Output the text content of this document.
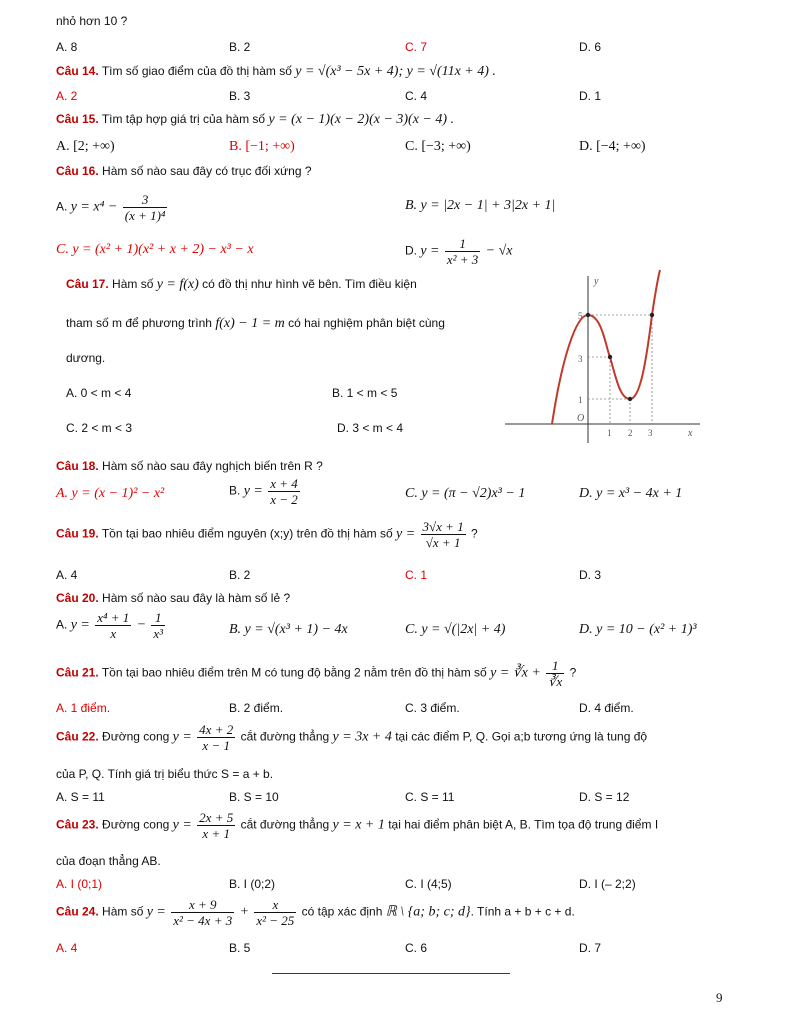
nhỏ hơn 10 ?
A. 8	B. 2	C. 7	D. 6
Câu 14. Tìm số giao điểm của đồ thị hàm số y = √(x³ − 5x + 4); y = √(11x + 4) .
A. 2	B. 3	C. 4	D. 1
Câu 15. Tìm tập hợp giá trị của hàm số y = (x − 1)(x − 2)(x − 3)(x − 4) .
A. [2; +∞)	B. [−1; +∞)	C. [−3; +∞)	D. [−4; +∞)
Câu 16. Hàm số nào sau đây có trục đối xứng ?
A. $y = x^4 - \frac{3}{\text{(x + 1)⁴}}$	B. y = |2x − 1| + 3|2x + 1|
C. y = (x² + 1)(x² + x + 2) − x³ − x	D. $y = \frac{1}{\text{x² + 3}} - √x$
Câu 17. Hàm số y = f(x) có đồ thị như hình vẽ bên. Tìm điều kiện
tham số m để phương trình f(x) − 1 = m có hai nghiệm phân biệt cùng
dương.
A. 0 < m < 4	B. 1 < m < 5
C. 2 < m < 3	D. 3 < m < 4
y
x
O
5
3
1
1 2 3
Câu 18. Hàm số nào sau đây nghịch biến trên R ?
A. y = (x − 1)² − x²	B. $y = \frac{x + 4}{x - 2}$	C. y = (π − √2)x³ − 1	D. y = x³ − 4x + 1
Câu 19. Tồn tại bao nhiêu điểm nguyên (x;y) trên đồ thị hàm số $y = \frac{3√x + 1}{√x + 1}$ ?
A. 4	B. 2	C. 1	D. 3
Câu 20. Hàm số nào sau đây là hàm số lẻ ?
A. $y = \frac{\text{x⁴ + 1}}{x} - \frac{1}{\text{x³}}$	B. y = √(x³ + 1) − 4x	C. y = √(|2x| + 4)	D. y = 10 − (x² + 1)³
Câu 21. Tồn tại bao nhiêu điểm trên M có tung độ bằng 2 nằm trên đồ thị hàm số y = ∛x + $\frac{1}{∛x}$ ?
A. 1 điểm.	B. 2 điểm.	C. 3 điểm.	D. 4 điểm.
Câu 22. Đường cong $y = \frac{4x + 2}{x - 1}$ cắt đường thẳng y = 3x + 4 tại các điểm P, Q. Gọi a;b tương ứng là tung độ
của P, Q. Tính giá trị biểu thức S = a + b.
A. S = 11	B. S = 10	C. S = 11	D. S = 12
Câu 23. Đường cong $y = \frac{2x + 5}{x + 1}$ cắt đường thẳng y = x + 1 tại hai điểm phân biệt A, B. Tìm tọa độ trung điểm I
của đoạn thẳng AB.
A. I (0;1)	B. I (0;2)	C. I (4;5)	D. I (– 2;2)
Câu 24. Hàm số $y = \frac{x + 9}{\text{x² − 4x + 3}} + \frac{x}{\text{x² − 25}}$ có tập xác định ℝ \ {a; b; c; d}. Tính a + b + c + d.
A. 4	B. 5	C. 6	D. 7
9
